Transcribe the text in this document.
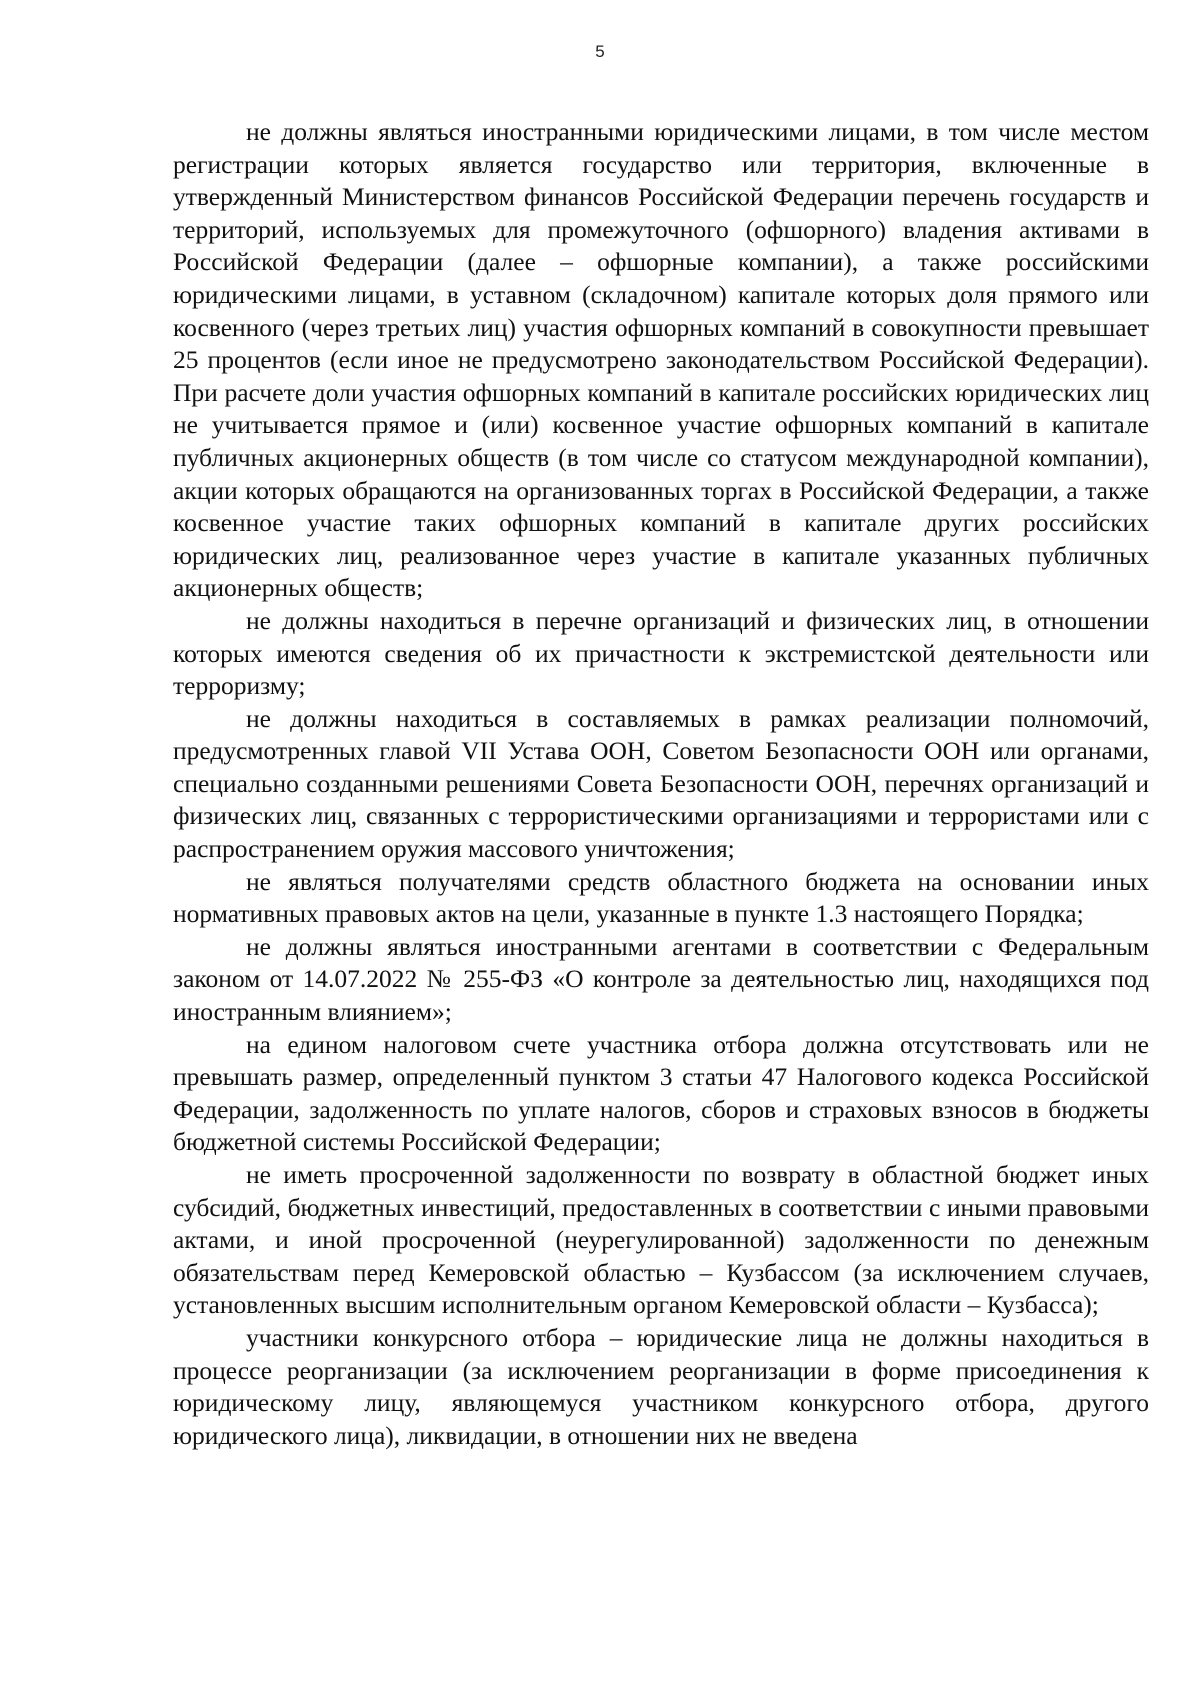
5

не должны являться иностранными юридическими лицами, в том числе местом регистрации которых является государство или территория, включенные в утвержденный Министерством финансов Российской Федерации перечень государств и территорий, используемых для промежуточного (офшорного) владения активами в Российской Федерации (далее – офшорные компании), а также российскими юридическими лицами, в уставном (складочном) капитале которых доля прямого или косвенного (через третьих лиц) участия офшорных компаний в совокупности превышает 25 процентов (если иное не предусмотрено законодательством Российской Федерации). При расчете доли участия офшорных компаний в капитале российских юридических лиц не учитывается прямое и (или) косвенное участие офшорных компаний в капитале публичных акционерных обществ (в том числе со статусом международной компании), акции которых обращаются на организованных торгах в Российской Федерации, а также косвенное участие таких офшорных компаний в капитале других российских юридических лиц, реализованное через участие в капитале указанных публичных акционерных обществ;

не должны находиться в перечне организаций и физических лиц, в отношении которых имеются сведения об их причастности к экстремистской деятельности или терроризму;

не должны находиться в составляемых в рамках реализации полномочий, предусмотренных главой VII Устава ООН, Советом Безопасности ООН или органами, специально созданными решениями Совета Безопасности ООН, перечнях организаций и физических лиц, связанных с террористическими организациями и террористами или с распространением оружия массового уничтожения;

не являться получателями средств областного бюджета на основании иных нормативных правовых актов на цели, указанные в пункте 1.3 настоящего Порядка;

не должны являться иностранными агентами в соответствии с Федеральным законом от 14.07.2022 № 255-ФЗ «О контроле за деятельностью лиц, находящихся под иностранным влиянием»;

на едином налоговом счете участника отбора должна отсутствовать или не превышать размер, определенный пунктом 3 статьи 47 Налогового кодекса Российской Федерации, задолженность по уплате налогов, сборов и страховых взносов в бюджеты бюджетной системы Российской Федерации;

не иметь просроченной задолженности по возврату в областной бюджет иных субсидий, бюджетных инвестиций, предоставленных в соответствии с иными правовыми актами, и иной просроченной (неурегулированной) задолженности по денежным обязательствам перед Кемеровской областью – Кузбассом (за исключением случаев, установленных высшим исполнительным органом Кемеровской области – Кузбасса);

участники конкурсного отбора – юридические лица не должны находиться в процессе реорганизации (за исключением реорганизации в форме присоединения к юридическому лицу, являющемуся участником конкурсного отбора, другого юридического лица), ликвидации, в отношении них не введена
